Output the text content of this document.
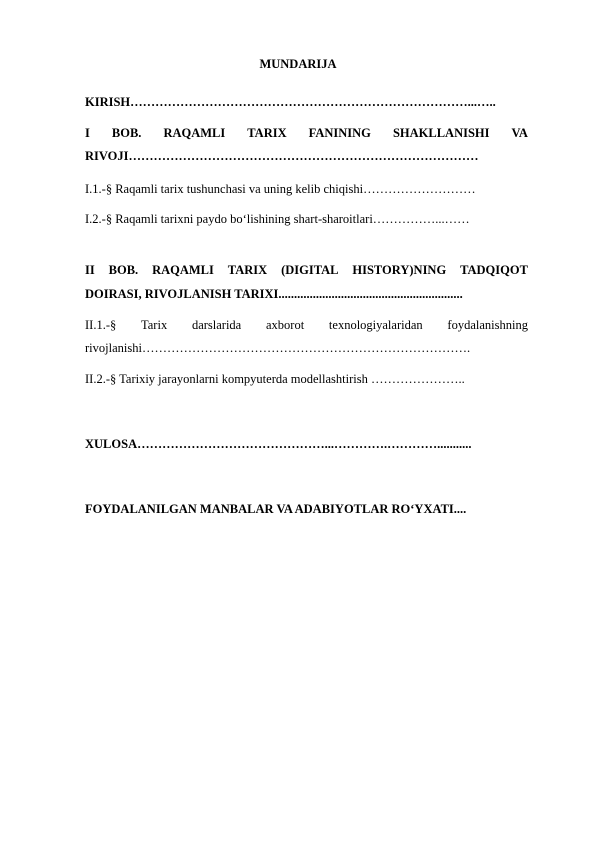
MUNDARIJA
KIRISH………………………………………………………………………...…..
I BOB. RAQAMLI TARIX FANINING SHAKLLANISHI VA
RIVOJI…………………………………………………………………………
I.1.-§ Raqamli tarix tushunchasi va uning kelib chiqishi………………………
I.2.-§ Raqamli tarixni paydo bo‘lishining shart-sharoitlari……………...……
II BOB. RAQAMLI TARIX (DIGITAL HISTORY)NING TADQIQOT
DOIRASI, RIVOJLANISH TARIXI...........................................................
II.1.-§ Tarix darslarida axborot texnologiyalaridan foydalanishning
rivojlanishi…………………………………………………………………….
II.2.-§ Tarixiy jarayonlarni kompyuterda modellashtirish …………………..
XULOSA………………………………………...………….…………...........
FOYDALANILGAN MANBALAR VA ADABIYOTLAR RO‘YXATI....
